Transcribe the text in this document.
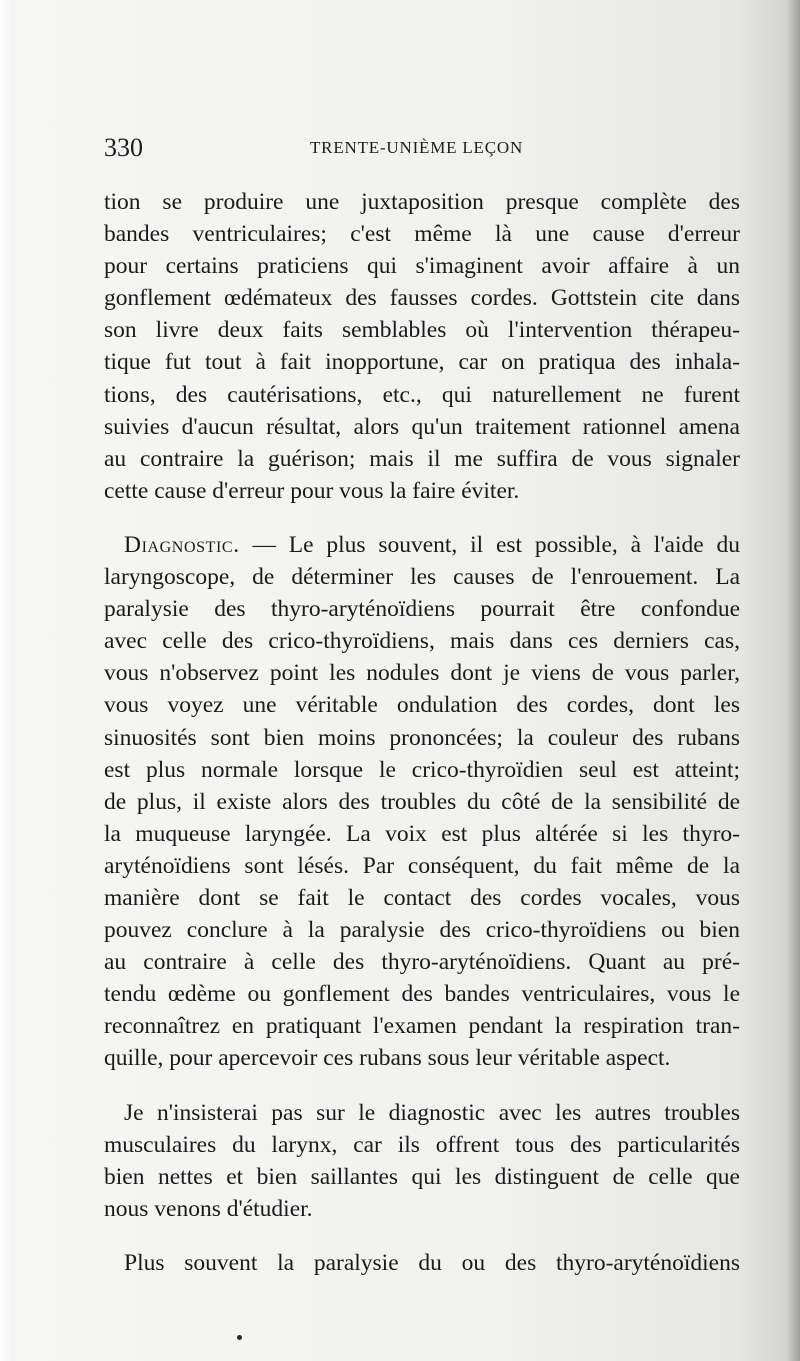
330	TRENTE-UNIÈME LEÇON
tion se produire une juxtaposition presque complète des
bandes ventriculaires; c'est même là une cause d'erreur
pour certains praticiens qui s'imaginent avoir affaire à un
gonflement œdémateux des fausses cordes. Gottstein cite dans
son livre deux faits semblables où l'intervention thérapeu-
tique fut tout à fait inopportune, car on pratiqua des inhala-
tions, des cautérisations, etc., qui naturellement ne furent
suivies d'aucun résultat, alors qu'un traitement rationnel amena
au contraire la guérison; mais il me suffira de vous signaler
cette cause d'erreur pour vous la faire éviter.
Diagnostic. — Le plus souvent, il est possible, à l'aide du
laryngoscope, de déterminer les causes de l'enrouement. La
paralysie des thyro-aryténoïdiens pourrait être confondue
avec celle des crico-thyroïdiens, mais dans ces derniers cas,
vous n'observez point les nodules dont je viens de vous parler,
vous voyez une véritable ondulation des cordes, dont les
sinuosités sont bien moins prononcées; la couleur des rubans
est plus normale lorsque le crico-thyroïdien seul est atteint;
de plus, il existe alors des troubles du côté de la sensibilité de
la muqueuse laryngée. La voix est plus altérée si les thyro-
aryténoïdiens sont lésés. Par conséquent, du fait même de la
manière dont se fait le contact des cordes vocales, vous
pouvez conclure à la paralysie des crico-thyroïdiens ou bien
au contraire à celle des thyro-aryténoïdiens. Quant au pré-
tendu œdème ou gonflement des bandes ventriculaires, vous le
reconnaîtrez en pratiquant l'examen pendant la respiration tran-
quille, pour apercevoir ces rubans sous leur véritable aspect.
Je n'insisterai pas sur le diagnostic avec les autres troubles
musculaires du larynx, car ils offrent tous des particularités
bien nettes et bien saillantes qui les distinguent de celle que
nous venons d'étudier.
Plus souvent la paralysie du ou des thyro-aryténoïdiens
